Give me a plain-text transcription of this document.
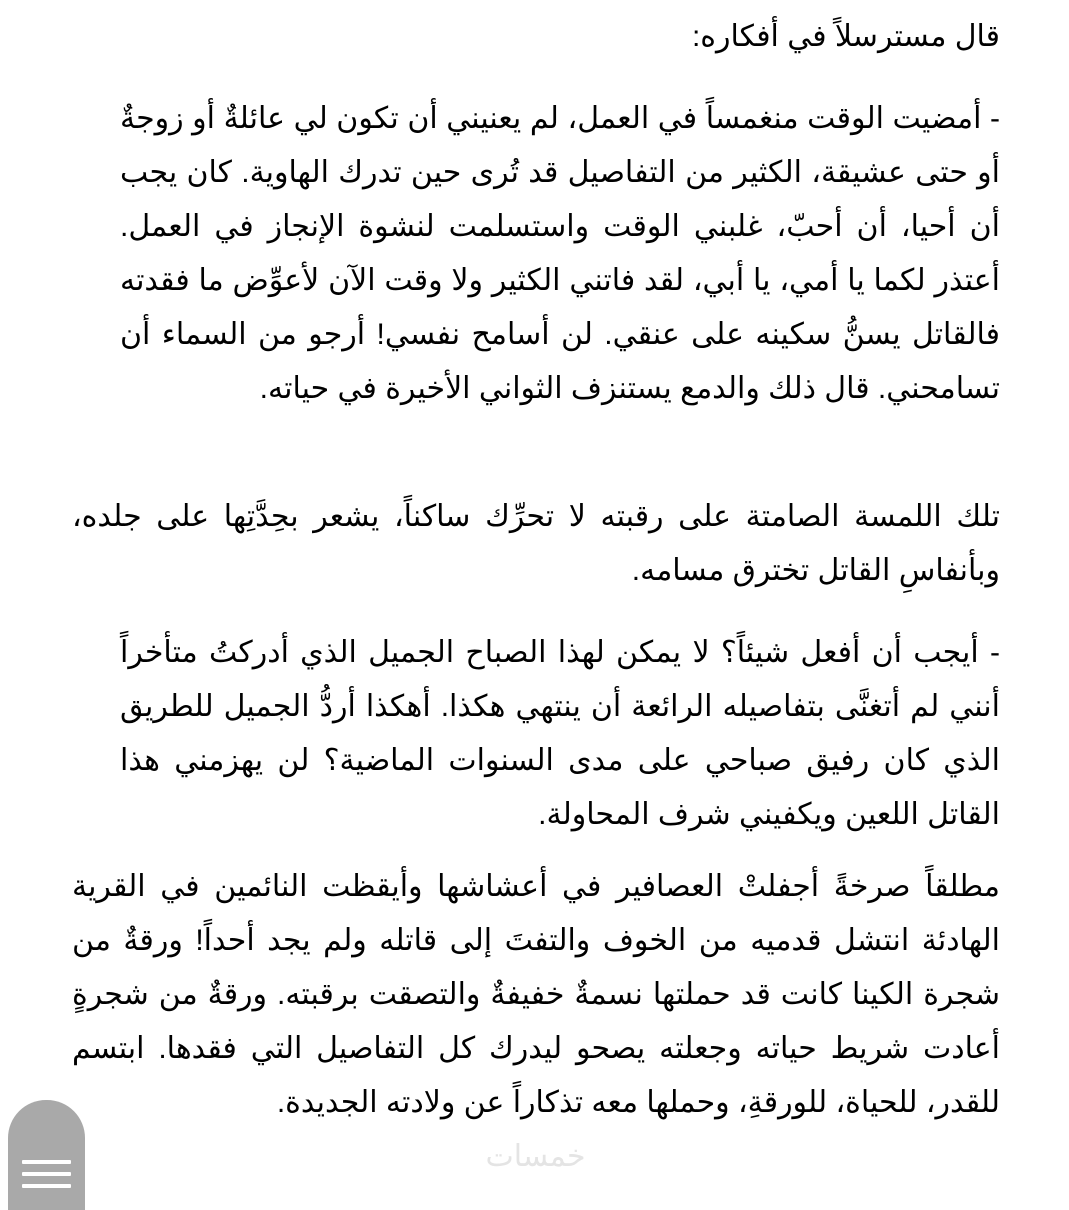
قال مسترسلاً في أفكاره:

- أمضيت الوقت منغمساً في العمل، لم يعنيني أن تكون لي عائلةٌ أو زوجةٌ أو حتى عشيقة، الكثير من التفاصيل قد تُرى حين تدرك الهاوية. كان يجب أن أحيا، أن أحبّ، غلبني الوقت واستسلمت لنشوة الإنجاز في العمل. أعتذر لكما يا أمي، يا أبي، لقد فاتني الكثير ولا وقت الآن لأعوِّض ما فقدته فالقاتل يسنُّ سكينه على عنقي. لن أسامح نفسي! أرجو من السماء أن تسامحني. قال ذلك والدمع يستنزف الثواني الأخيرة في حياته.

تلك اللمسة الصامتة على رقبته لا تحرِّك ساكناً، يشعر بحِدَّتِها على جلده، وبأنفاسِ القاتل تخترق مسامه.

- أيجب أن أفعل شيئاً؟ لا يمكن لهذا الصباح الجميل الذي أدركتُ متأخراً أنني لم أتغنَّى بتفاصيله الرائعة أن ينتهي هكذا. أهكذا أردُّ الجميل للطريق الذي كان رفيق صباحي على مدى السنوات الماضية؟ لن يهزمني هذا القاتل اللعين ويكفيني شرف المحاولة.

مطلقاً صرخةً أجفلتْ العصافير في أعشاشها وأيقظت النائمين في القرية الهادئة انتشل قدميه من الخوف والتفتَ إلى قاتله ولم يجد أحداً! ورقةٌ من شجرة الكينا كانت قد حملتها نسمةٌ خفيفةٌ والتصقت برقبته. ورقةٌ من شجرةٍ أعادت شريط حياته وجعلته يصحو ليدرك كل التفاصيل التي فقدها. ابتسم للقدر، للحياة، للورقةِ، وحملها معه تذكاراً عن ولادته الجديدة.

خمسات
